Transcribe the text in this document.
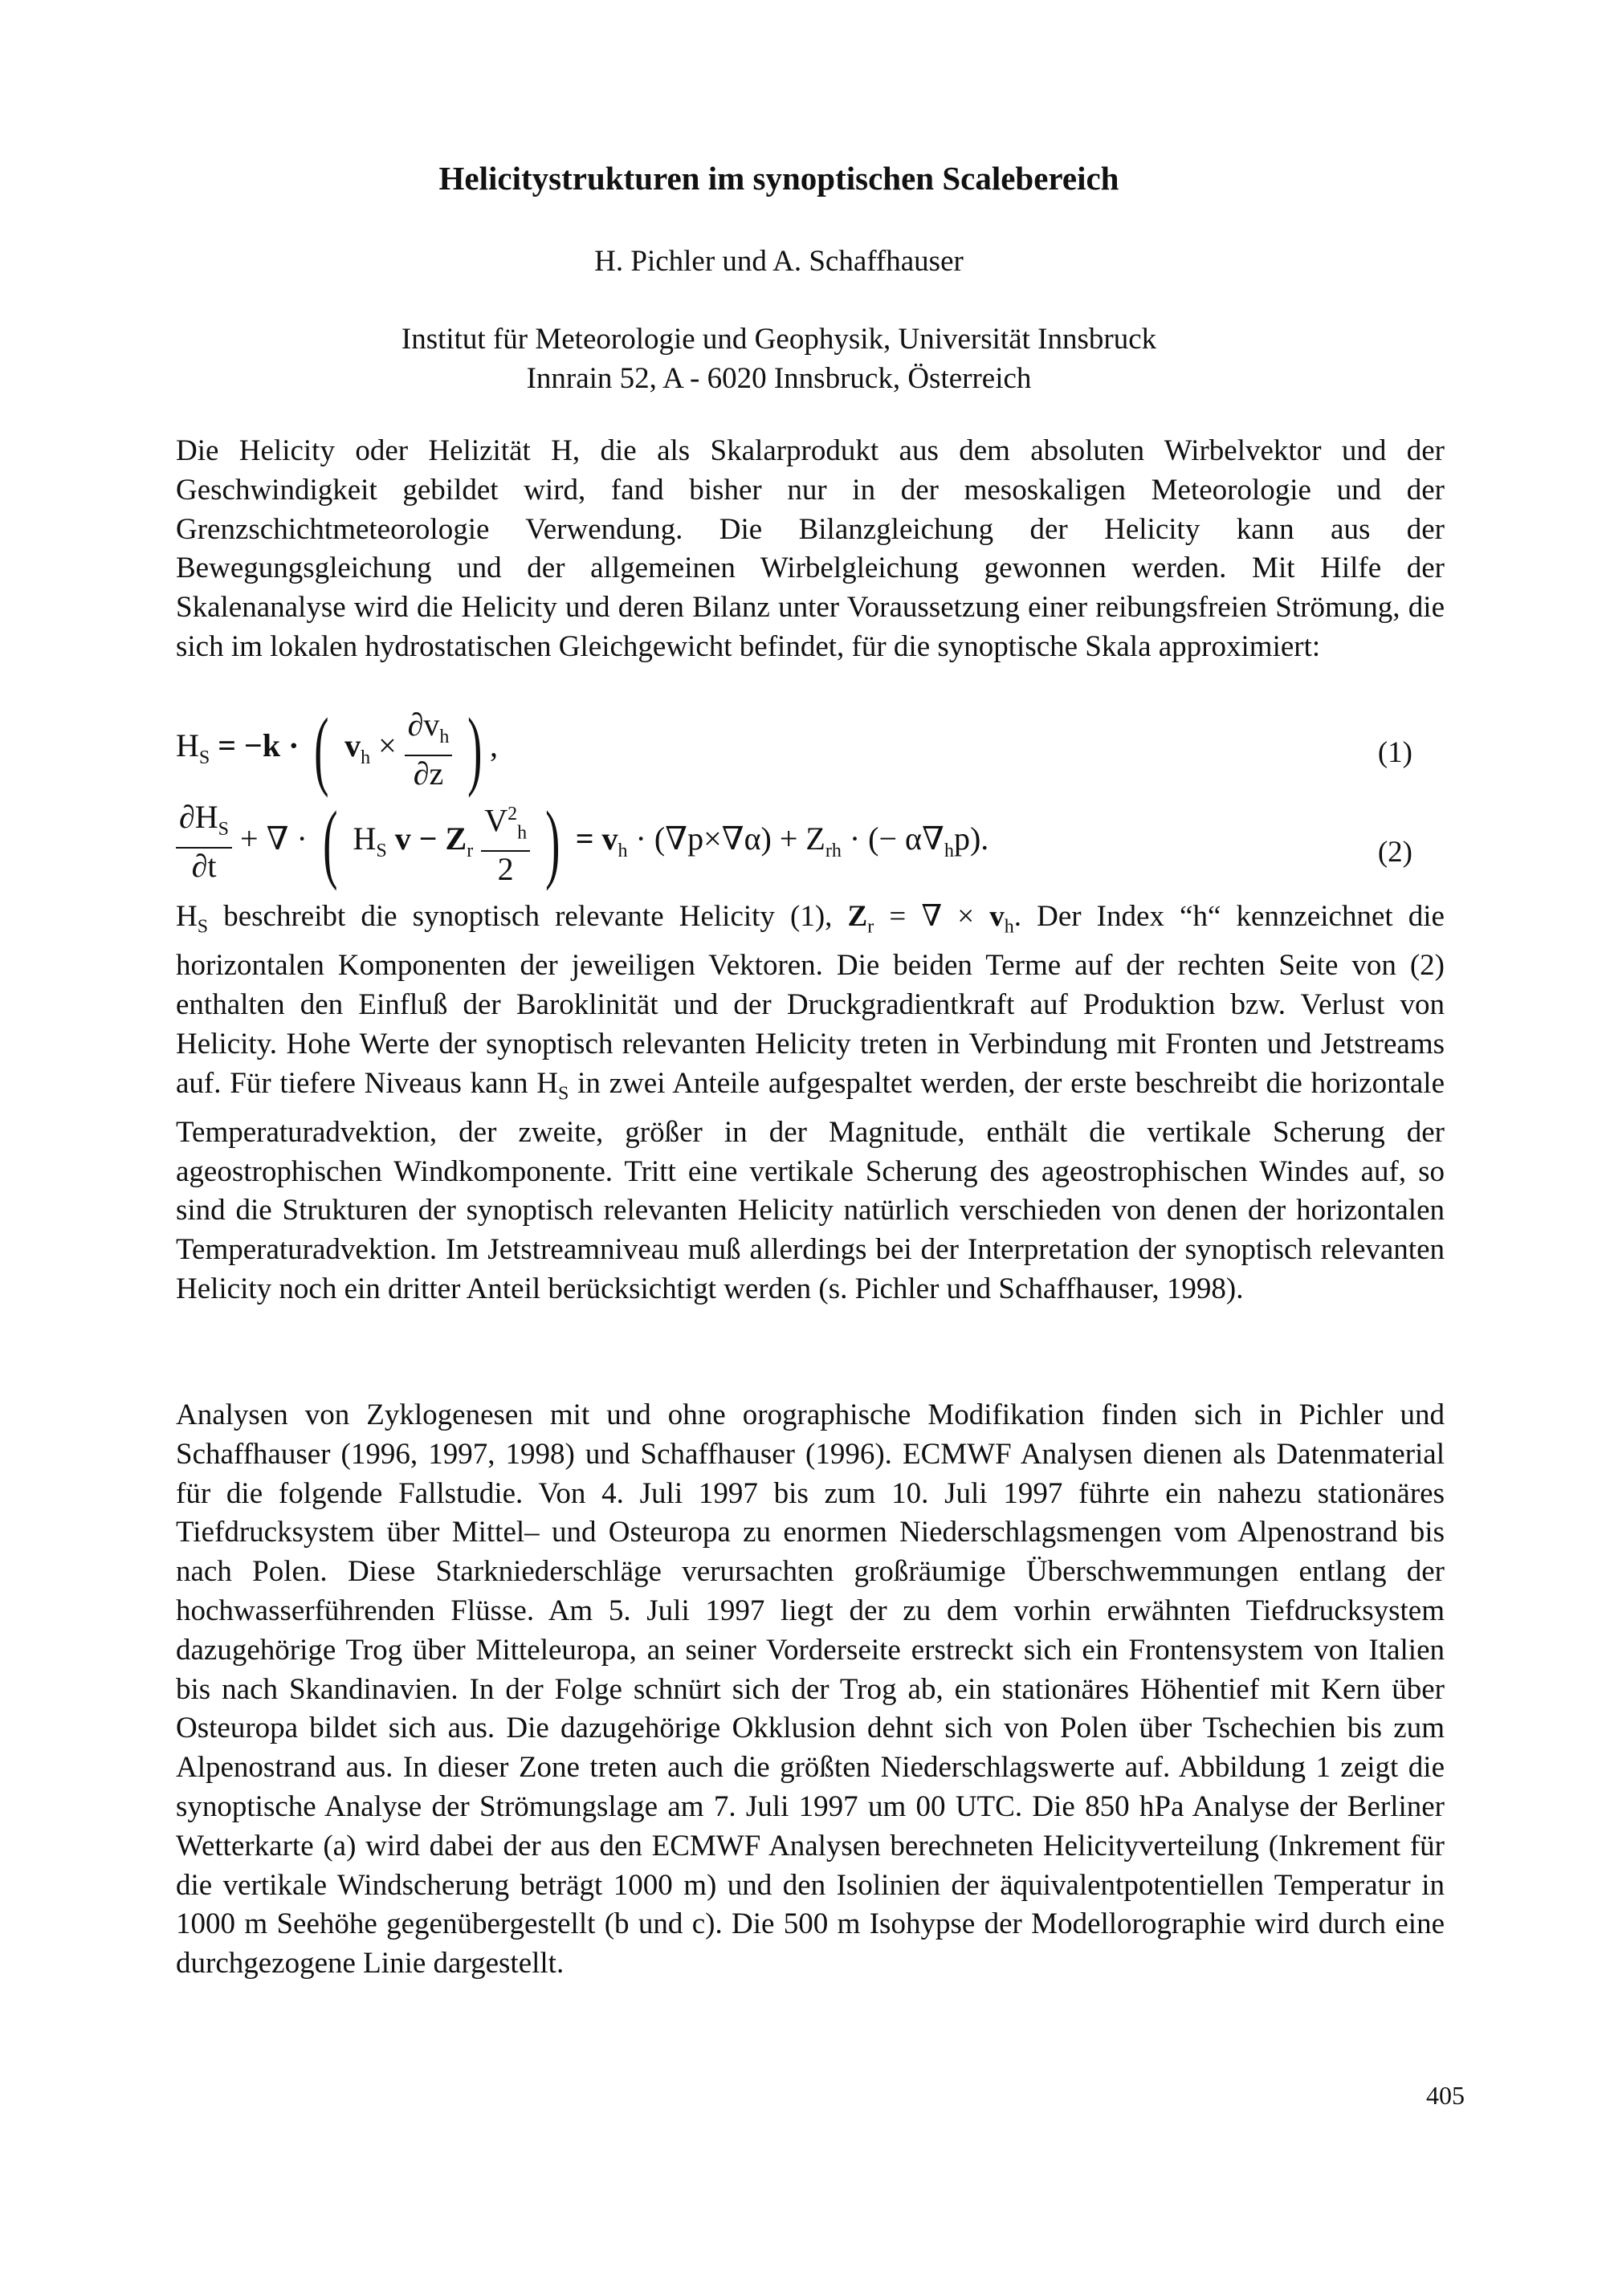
Helicitystrukturen im synoptischen Scalebereich
H. Pichler und A. Schaffhauser
Institut für Meteorologie und Geophysik, Universität Innsbruck
Innrain 52, A - 6020 Innsbruck, Österreich

Die Helicity oder Helizität H, die als Skalarprodukt aus dem absoluten Wirbelvektor und der Geschwindigkeit gebildet wird, fand bisher nur in der mesoskaligen Meteorologie und der Grenzschichtmeteorologie Verwendung. Die Bilanzgleichung der Helicity kann aus der Bewegungsgleichung und der allgemeinen Wirbelgleichung gewonnen werden. Mit Hilfe der Skalenanalyse wird die Helicity und deren Bilanz unter Voraussetzung einer reibungsfreien Strömung, die sich im lokalen hydrostatischen Gleichgewicht befindet, für die synoptische Skala approximiert:

$H_S = -k$ · ( $v_h \times \frac{\partial v_h}{\partial z}$ ) ,	(1)
$\frac{\partial H_S}{\partial t}$ + ∇ · ( $H_S$ $v - Z_r \frac{V^2_h}{2}$ ) = $v_h \cdot (\nabla p\times\nabla\alpha) + Z_{rh}$ · (− $\alpha\nabla_hp$).	(2)

$H_S$ beschreibt die synoptisch relevante Helicity (1), $Z_r$ = ∇ × $v_h$. Der Index “h“ kennzeichnet die horizontalen Komponenten der jeweiligen Vektoren. Die beiden Terme auf der rechten Seite von (2) enthalten den Einfluß der Baroklinität und der Druckgradientkraft auf Produktion bzw. Verlust von Helicity. Hohe Werte der synoptisch relevanten Helicity treten in Verbindung mit Fronten und Jetstreams auf. Für tiefere Niveaus kann $H_S$ in zwei Anteile aufgespaltet werden, der erste beschreibt die horizontale Temperaturadvektion, der zweite, größer in der Magnitude, enthält die vertikale Scherung der ageostrophischen Windkomponente. Tritt eine vertikale Scherung des ageostrophischen Windes auf, so sind die Strukturen der synoptisch relevanten Helicity natürlich verschieden von denen der horizontalen Temperaturadvektion. Im Jetstreamniveau muß allerdings bei der Interpretation der synoptisch relevanten Helicity noch ein dritter Anteil berücksichtigt werden (s. Pichler und Schaffhauser, 1998).

Analysen von Zyklogenesen mit und ohne orographische Modifikation finden sich in Pichler und Schaffhauser (1996, 1997, 1998) und Schaffhauser (1996). ECMWF Analysen dienen als Datenmaterial für die folgende Fallstudie. Von 4. Juli 1997 bis zum 10. Juli 1997 führte ein nahezu stationäres Tiefdrucksystem über Mittel– und Osteuropa zu enormen Niederschlagsmengen vom Alpenostrand bis nach Polen. Diese Starkniederschläge verursachten großräumige Überschwemmungen entlang der hochwasserführenden Flüsse. Am 5. Juli 1997 liegt der zu dem vorhin erwähnten Tiefdrucksystem dazugehörige Trog über Mitteleuropa, an seiner Vorderseite erstreckt sich ein Frontensystem von Italien bis nach Skandinavien. In der Folge schnürt sich der Trog ab, ein stationäres Höhentief mit Kern über Osteuropa bildet sich aus. Die dazugehörige Okklusion dehnt sich von Polen über Tschechien bis zum Alpenostrand aus. In dieser Zone treten auch die größten Niederschlagswerte auf. Abbildung 1 zeigt die synoptische Analyse der Strömungslage am 7. Juli 1997 um 00 UTC. Die 850 hPa Analyse der Berliner Wetterkarte (a) wird dabei der aus den ECMWF Analysen berechneten Helicityverteilung (Inkrement für die vertikale Windscherung beträgt 1000 m) und den Isolinien der äquivalentpotentiellen Temperatur in 1000 m Seehöhe gegenübergestellt (b und c). Die 500 m Isohypse der Modellorographie wird durch eine durchgezogene Linie dargestellt.

405
